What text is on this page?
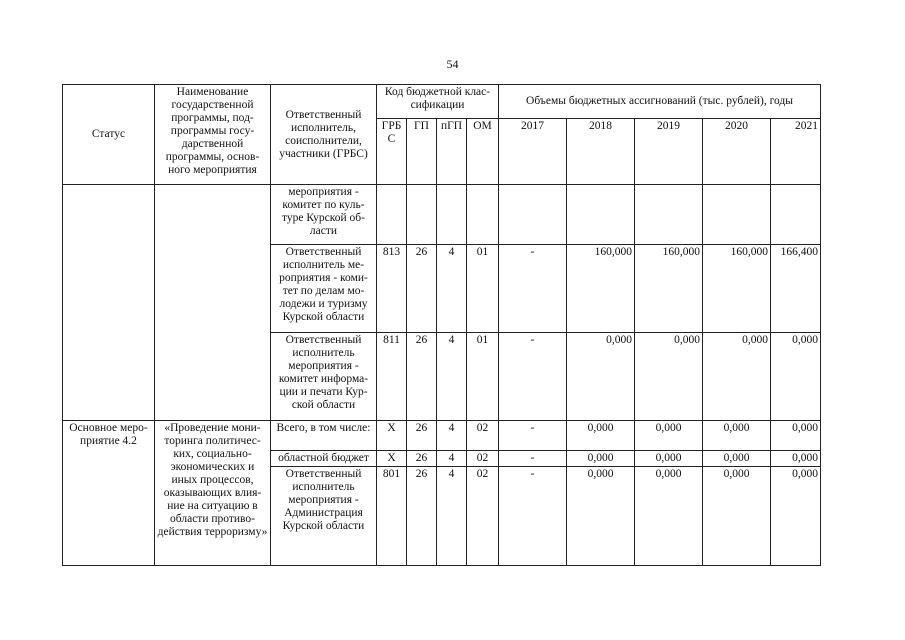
54
Статус	Наименование государственной программы, под-программы госу-дарственной программы, основ-ного мероприятия	Ответственный исполнитель, соисполнители, участники (ГРБС)	Код бюджетной клас-сификации				Объемы бюджетных ассигнований (тыс. рублей), годы				
			ГРБ С	ГП	пГП	ОМ	2017	2018	2019	2020	2021
		мероприятия - комитет по куль-туре Курской об-ласти									
		Ответственный исполнитель ме-роприятия - коми-тет по делам мо-лодежи и туризму Курской области	813	26	4	01	-	160,000	160,000	160,000	166,400
		Ответственный исполнитель мероприятия - комитет информа-ции и печати Кур-ской области	811	26	4	01	-	0,000	0,000	0,000	0,000
Основное меро-приятие 4.2	«Проведение мони-торинга политичес-ких, социально-экономических и иных процессов, оказывающих влия-ние на ситуацию в области противо-действия терроризму»	Всего, в том числе:	X	26	4	02	-	0,000	0,000	0,000	0,000
		областной бюджет	X	26	4	02	-	0,000	0,000	0,000	0,000
		Ответственный исполнитель мероприятия - Администрация Курской области	801	26	4	02	-	0,000	0,000	0,000	0,000
